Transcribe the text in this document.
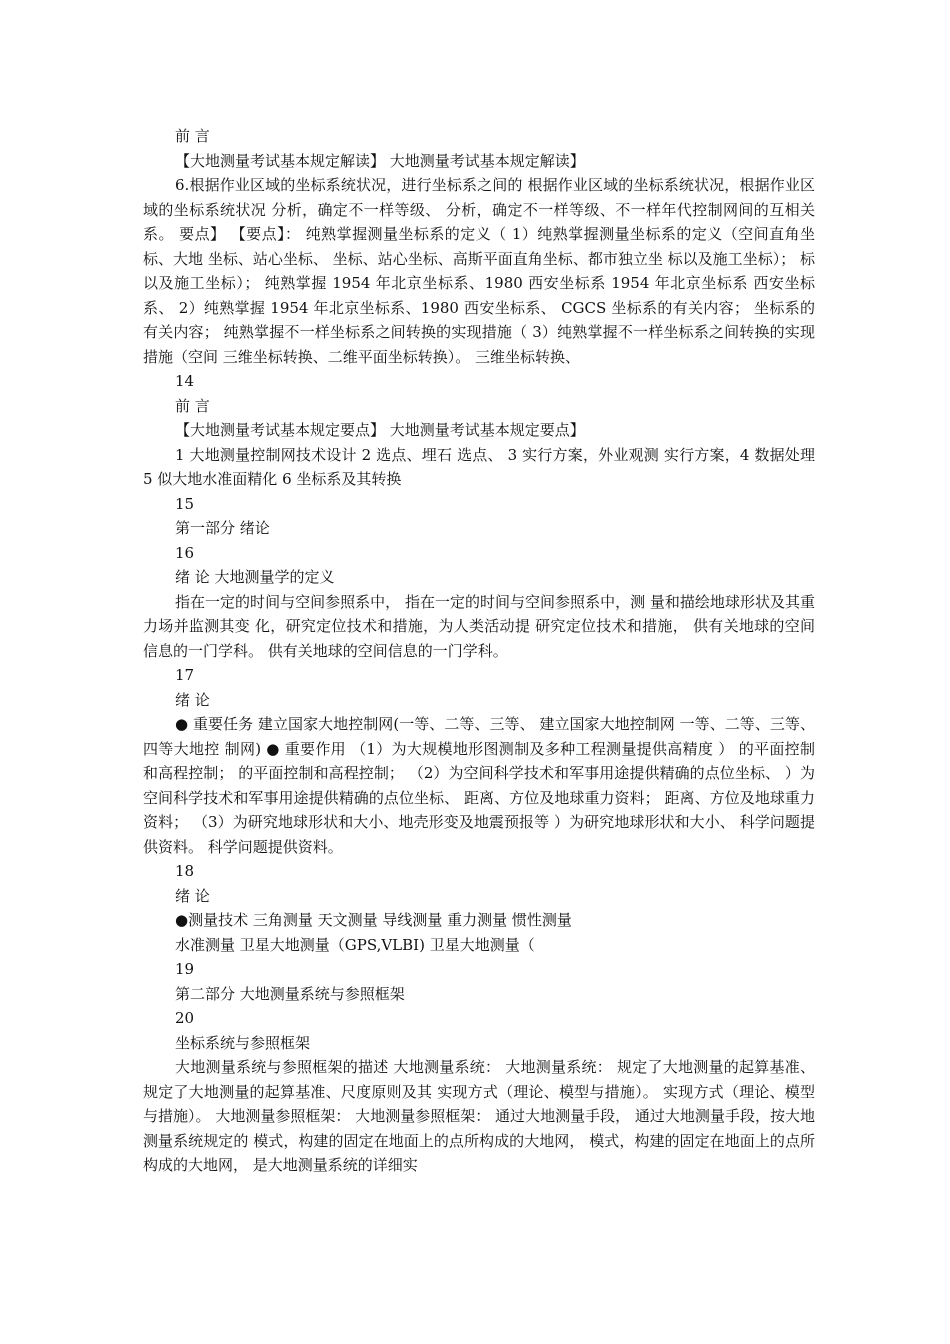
前 言

【大地测量考试基本规定解读】 大地测量考试基本规定解读】

6.根据作业区域的坐标系统状况，进行坐标系之间的 根据作业区域的坐标系统状况，根据作业区域的坐标系统状况 分析，确定不一样等级、 分析，确定不一样等级、不一样年代控制网间的互相关 系。 要点】 【要点】： 纯熟掌握测量坐标系的定义（ 1）纯熟掌握测量坐标系的定义（空间直角坐标、大地 坐标、站心坐标、 坐标、站心坐标、高斯平面直角坐标、都市独立坐 标以及施工坐标）； 标以及施工坐标）； 纯熟掌握 1954 年北京坐标系、1980 西安坐标系 1954 年北京坐标系 西安坐标系、 2）纯熟掌握 1954 年北京坐标系、1980 西安坐标系、 CGCS 坐标系的有关内容； 坐标系的有关内容； 纯熟掌握不一样坐标系之间转换的实现措施（ 3）纯熟掌握不一样坐标系之间转换的实现措施（空间 三维坐标转换、二维平面坐标转换）。 三维坐标转换、

14

前 言

【大地测量考试基本规定要点】 大地测量考试基本规定要点】

1 大地测量控制网技术设计 2 选点、埋石 选点、 3 实行方案，外业观测 实行方案，4 数据处理 5 似大地水准面精化 6 坐标系及其转换

15

第一部分 绪论

16

绪 论 大地测量学的定义

指在一定的时间与空间参照系中， 指在一定的时间与空间参照系中，测 量和描绘地球形状及其重力场并监测其变 化，研究定位技术和措施，为人类活动提 研究定位技术和措施， 供有关地球的空间信息的一门学科。 供有关地球的空间信息的一门学科。

17

绪 论

● 重要任务 建立国家大地控制网(一等、二等、三等、 建立国家大地控制网 一等、二等、三等、四等大地控 制网) ● 重要作用 （1）为大规模地形图测制及多种工程测量提供高精度 ） 的平面控制和高程控制； 的平面控制和高程控制； （2）为空间科学技术和军事用途提供精确的点位坐标、 ）为空间科学技术和军事用途提供精确的点位坐标、 距离、方位及地球重力资料； 距离、方位及地球重力资料； （3）为研究地球形状和大小、地壳形变及地震预报等 ）为研究地球形状和大小、 科学问题提供资料。 科学问题提供资料。

18

绪 论

●测量技术 三角测量 天文测量 导线测量 重力测量 惯性测量

水准测量 卫星大地测量（GPS,VLBI) 卫星大地测量（

19

第二部分 大地测量系统与参照框架

20

坐标系统与参照框架

大地测量系统与参照框架的描述 大地测量系统： 大地测量系统： 规定了大地测量的起算基准、 规定了大地测量的起算基准、尺度原则及其 实现方式（理论、模型与措施）。 实现方式（理论、模型与措施）。 大地测量参照框架： 大地测量参照框架： 通过大地测量手段， 通过大地测量手段，按大地测量系统规定的 模式，构建的固定在地面上的点所构成的大地网， 模式，构建的固定在地面上的点所构成的大地网， 是大地测量系统的详细实
